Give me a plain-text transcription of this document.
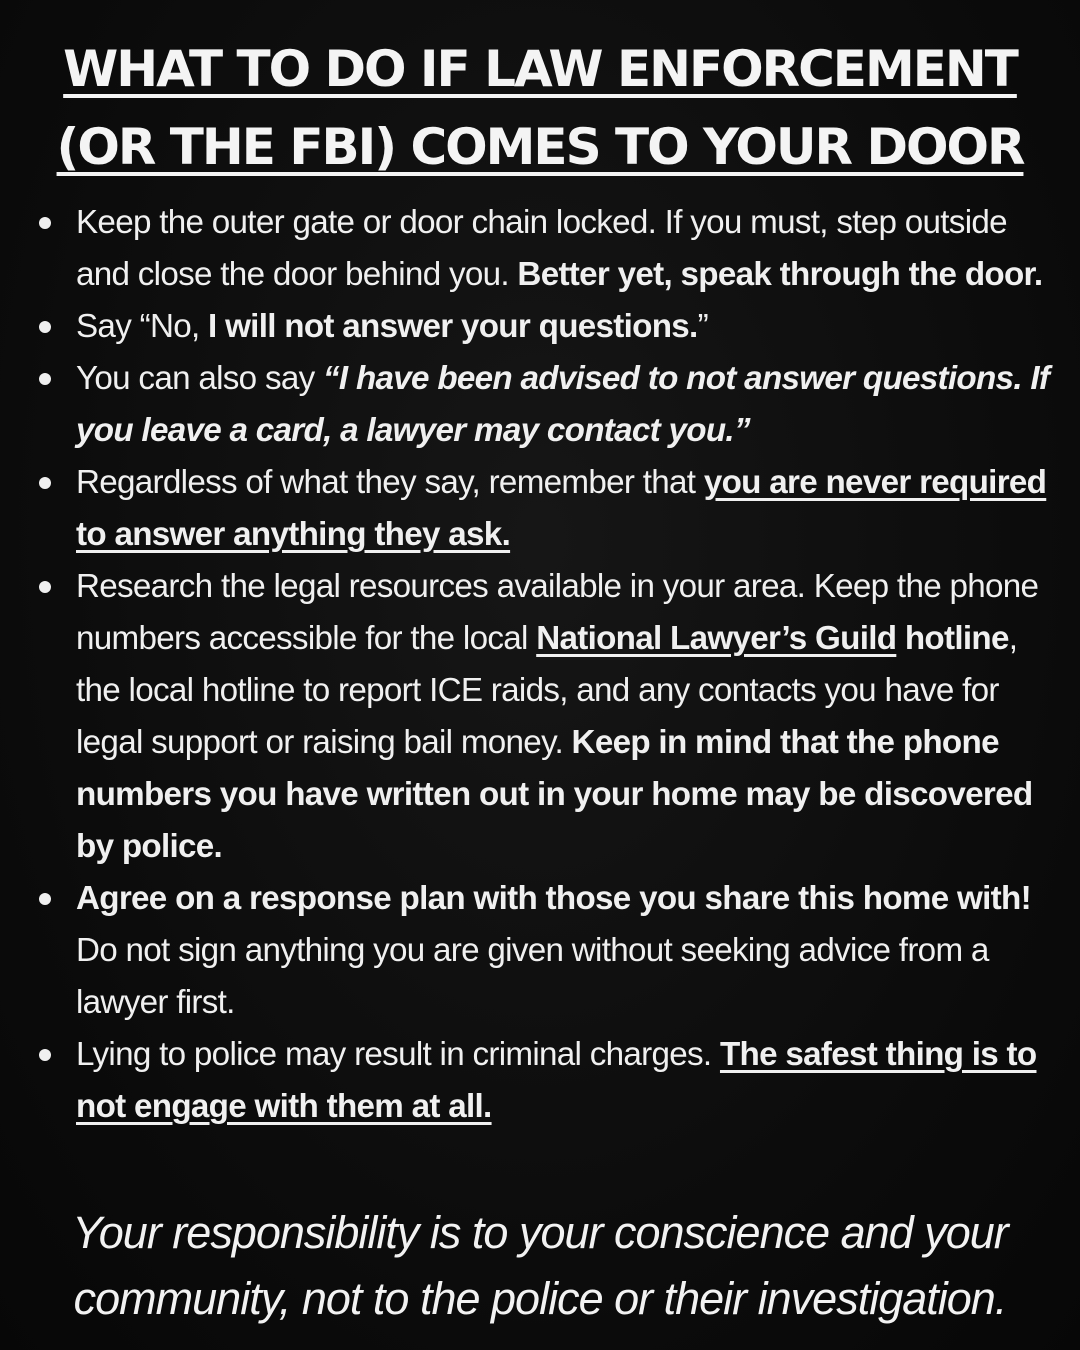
WHAT TO DO IF LAW ENFORCEMENT
(OR THE FBI) COMES TO YOUR DOOR
Keep the outer gate or door chain locked. If you must, step outside and close the door behind you. Better yet, speak through the door.
Say “No, I will not answer your questions.”
You can also say “I have been advised to not answer questions. If you leave a card, a lawyer may contact you.”
Regardless of what they say, remember that you are never required to answer anything they ask.
Research the legal resources available in your area. Keep the phone numbers accessible for the local National Lawyer’s Guild hotline, the local hotline to report ICE raids, and any contacts you have for legal support or raising bail money. Keep in mind that the phone numbers you have written out in your home may be discovered by police.
Agree on a response plan with those you share this home with! Do not sign anything you are given without seeking advice from a lawyer first.
Lying to police may result in criminal charges. The safest thing is to not engage with them at all.

Your responsibility is to your conscience and your community, not to the police or their investigation.
